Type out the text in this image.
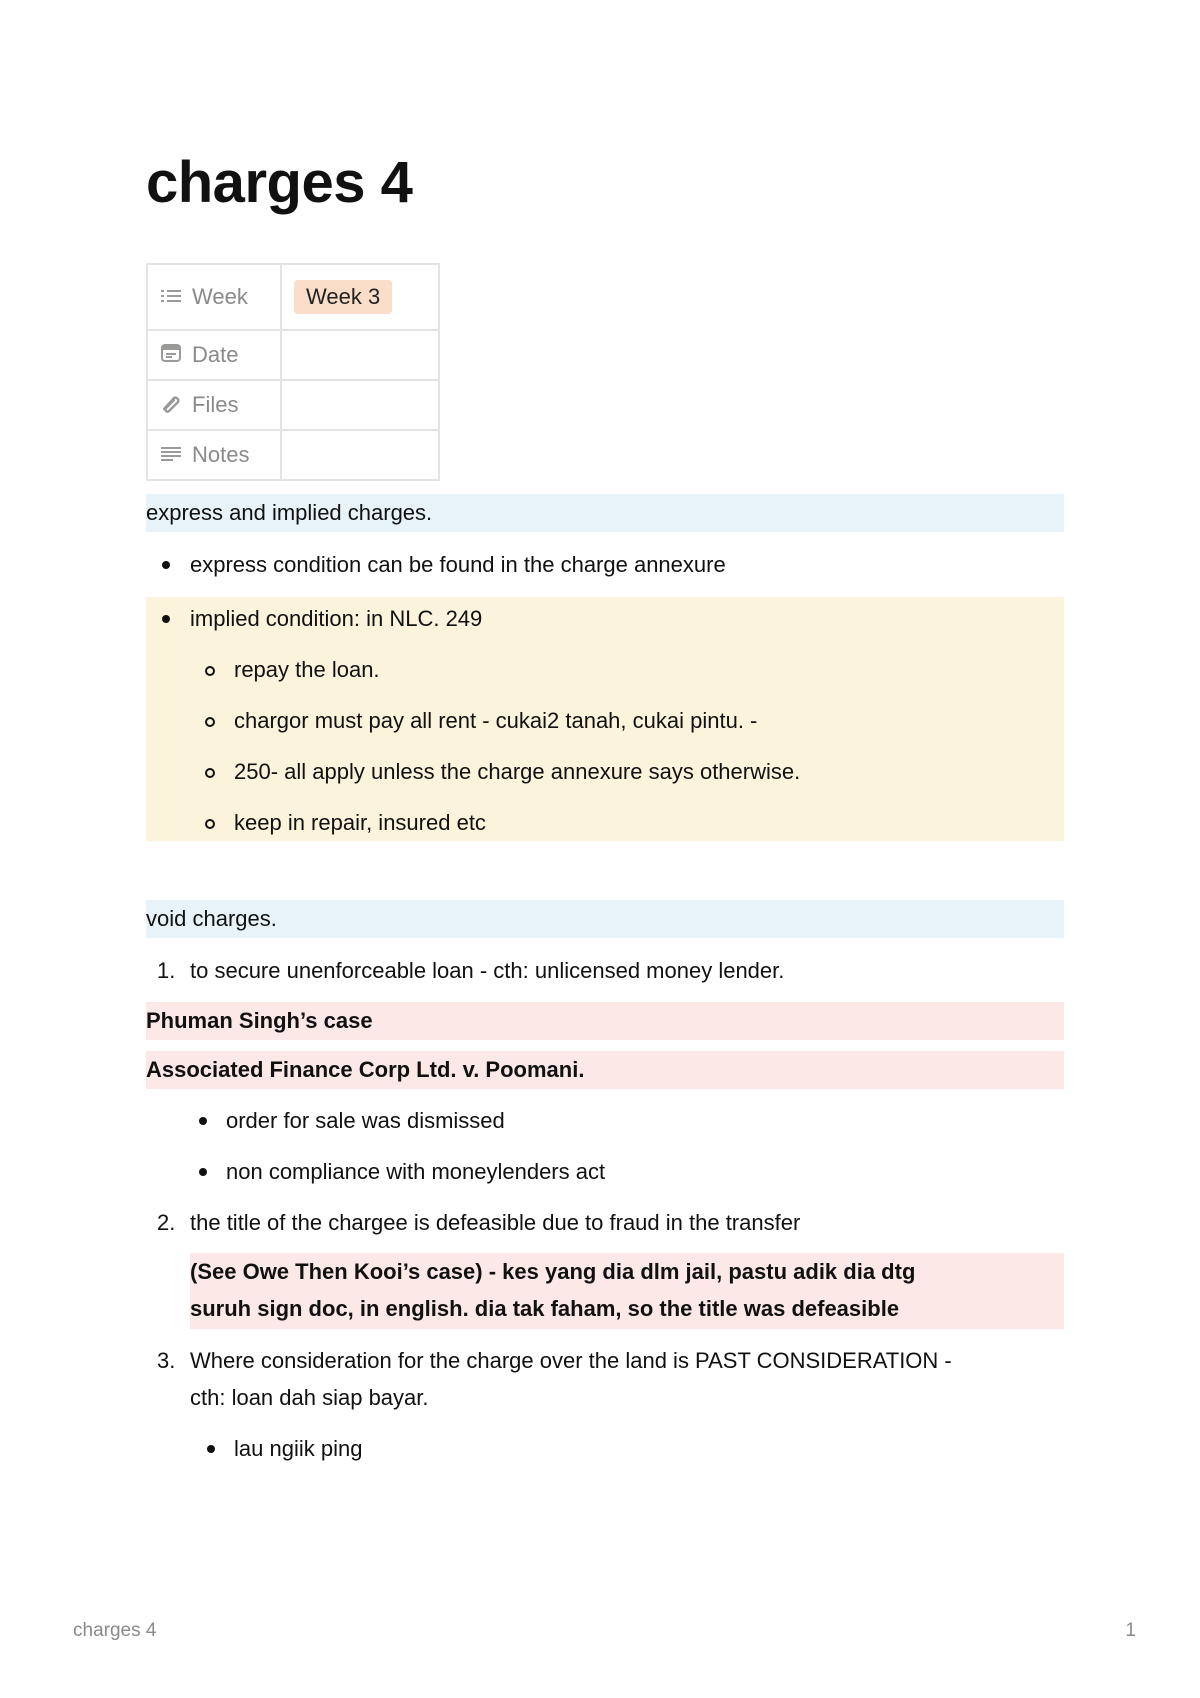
charges 4
Week	Week 3
Date	
Files	
Notes	
express and implied charges.
express condition can be found in the charge annexure
implied condition: in NLC. 249
repay the loan.
chargor must pay all rent - cukai2 tanah, cukai pintu. -
250- all apply unless the charge annexure says otherwise.
keep in repair, insured etc
void charges.
1. to secure unenforceable loan - cth: unlicensed money lender.
Phuman Singh’s case
Associated Finance Corp Ltd. v. Poomani.
order for sale was dismissed
non compliance with moneylenders act
2. the title of the chargee is defeasible due to fraud in the transfer
(See Owe Then Kooi’s case) - kes yang dia dlm jail, pastu adik dia dtg
suruh sign doc, in english. dia tak faham, so the title was defeasible
3. Where consideration for the charge over the land is PAST CONSIDERATION -
cth: loan dah siap bayar.
lau ngiik ping
charges 4	1
